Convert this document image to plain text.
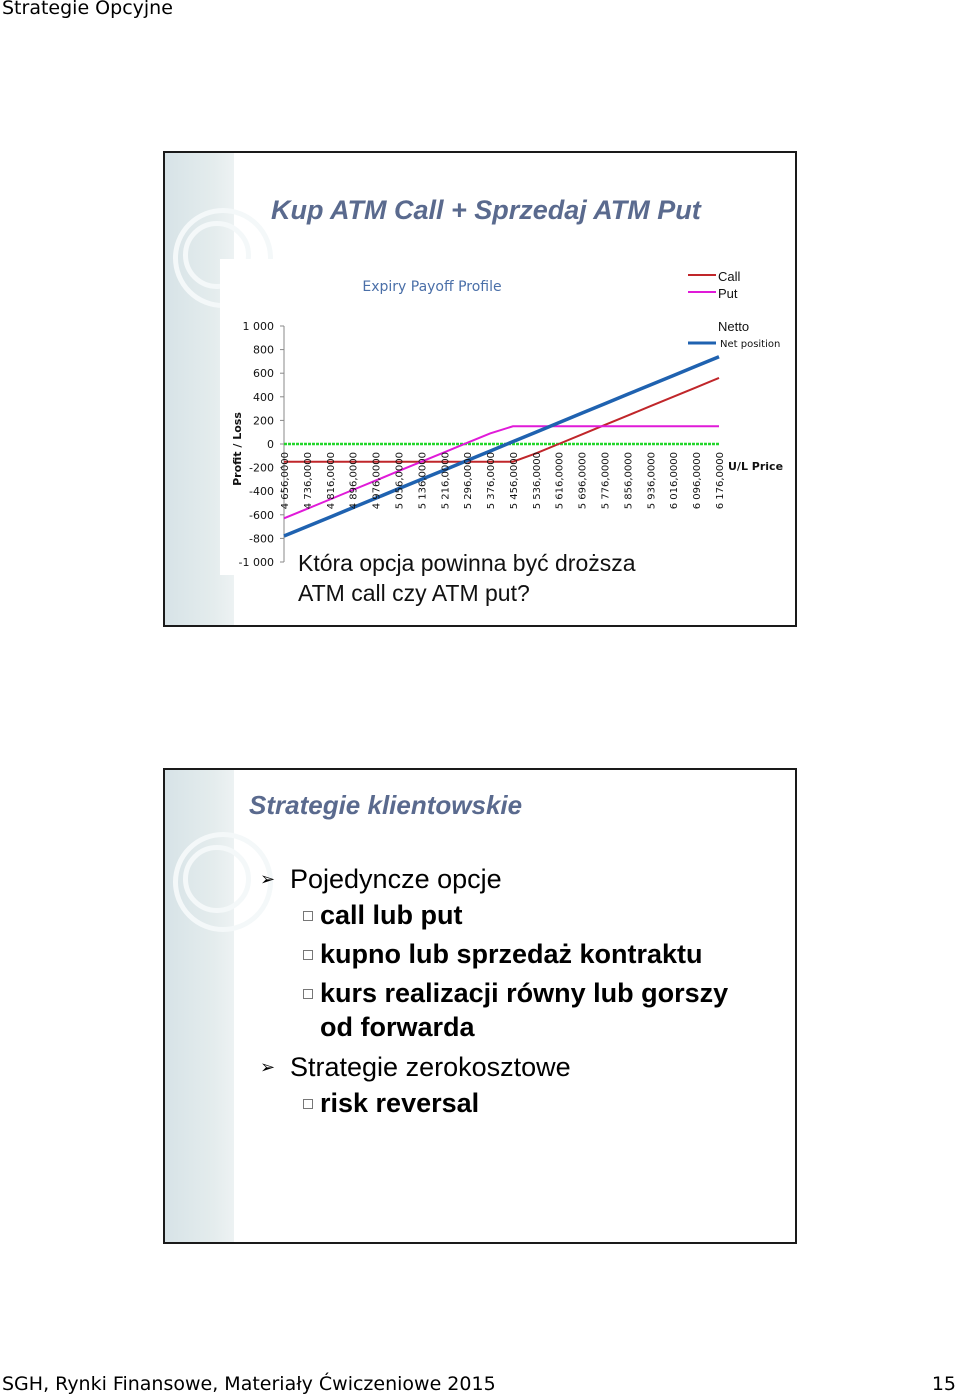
Strategie Opcyjne
Kup ATM Call + Sprzedaj ATM Put
Expiry Payoff Profile
Profit / Loss
1 000
800
600
400
200
0
-200
-400
-600
-800
-1 000
4 656,0000 4 736,0000 4 816,0000 4 896,0000 4 976,0000 5 056,0000 5 136,0000 5 216,0000 5 296,0000 5 376,0000 5 456,0000 5 536,0000 5 616,0000 5 696,0000 5 776,0000 5 856,0000 5 936,0000 6 016,0000 6 096,0000 6 176,0000 U/L Price
Call
Put
Netto
Net position
Która opcja powinna być droższa
ATM call czy ATM put?
Strategie klientowskie
➢ Pojedyncze opcje
call lub put
kupno lub sprzedaż kontraktu
kurs realizacji równy lub gorszy
od forwarda
➢ Strategie zerokosztowe
risk reversal
SGH, Rynki Finansowe, Materiały Ćwiczeniowe 2015	15
